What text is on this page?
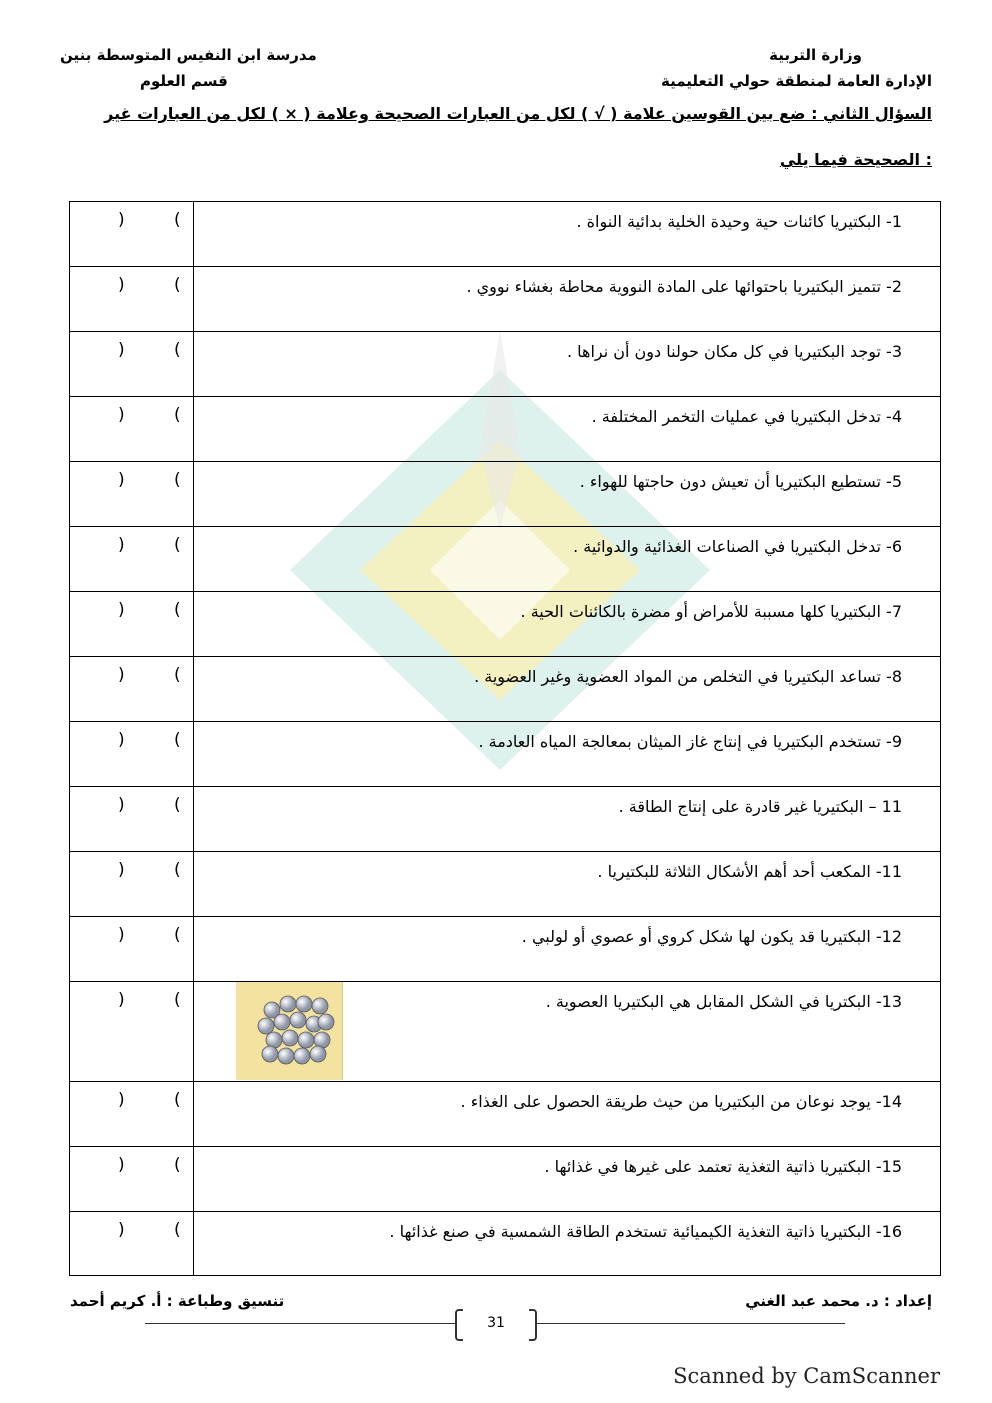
وزارة التربية
الإدارة العامة لمنطقة حولي التعليمية
مدرسة ابن النفيس المتوسطة بنين
قسم العلوم
السؤال الثاني : ضع بين القوسين علامة ( √ ) لكل من العبارات الصحيحة وعلامة ( × ) لكل من العبارات غير
الصحيحة فيما يلي :
)	(	1- البكتيريا كائنات حية وحيدة الخلية بدائية النواة .
)	(	2- تتميز البكتيريا باحتوائها على المادة النووية محاطة بغشاء نووي .
)	(	3- توجد البكتيريا في كل مكان حولنا دون أن نراها .
)	(	4- تدخل البكتيريا في عمليات التخمر المختلفة .
)	(	5- تستطيع البكتيريا أن تعيش دون حاجتها للهواء .
)	(	6- تدخل البكتيريا في الصناعات الغذائية والدوائية .
)	(	7- البكتيريا كلها مسببة للأمراض أو مضرة بالكائنات الحية .
)	(	8- تساعد البكتيريا في التخلص من المواد العضوية وغير العضوية .
)	(	9- تستخدم البكتيريا في إنتاج غاز الميثان بمعالجة المياه العادمة .
)	(	11 – البكتيريا غير قادرة على إنتاج الطاقة .
)	(	11- المكعب أحد أهم الأشكال الثلاثة للبكتيريا .
)	(	12- البكتيريا قد يكون لها شكل كروي أو عصوي أو لولبي .
)	(	13- البكتريا في الشكل المقابل هي البكتيريا العصوية .
)	(	14- يوجد نوعان من البكتيريا من حيث طريقة الحصول على الغذاء .
)	(	15- البكتيريا ذاتية التغذية تعتمد على غيرها في غذائها .
)	(	16- البكتيريا ذاتية التغذية الكيميائية تستخدم الطاقة الشمسية في صنع غذائها .
إعداد : د. محمد عبد الغني
تنسيق وطباعة : أ. كريم أحمد
31
Scanned by CamScanner
